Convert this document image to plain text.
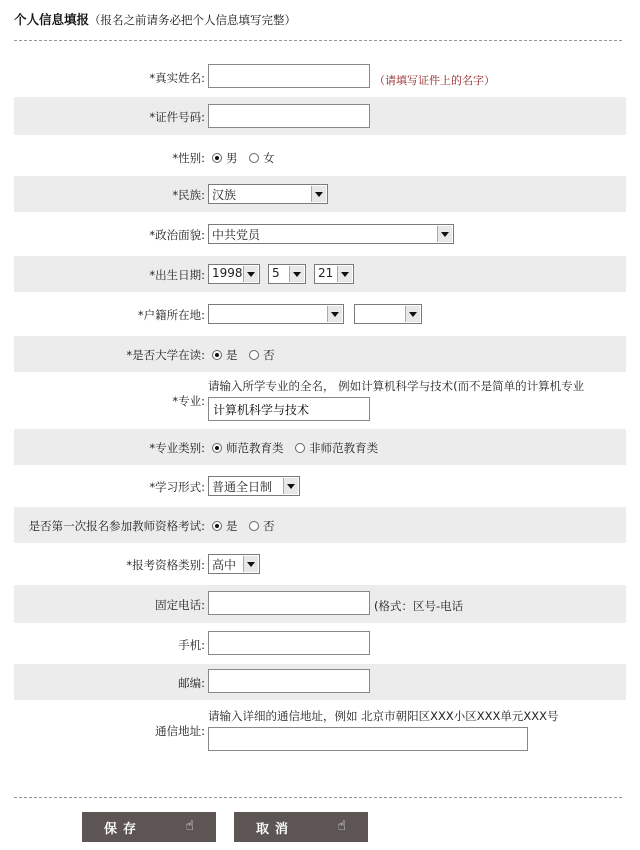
个人信息填报（报名之前请务必把个人信息填写完整）
*真实姓名:	（请填写证件上的名字）
*证件号码:
*性别:	男 女
*民族: 汉族
*政治面貌: 中共党员
*出生日期: 1998	5	21
*户籍所在地:
*是否大学在读:	是 否
*专业:
请输入所学专业的全名， 例如计算机科学与技术(而不是简单的计算机专业
计算机科学与技术
*专业类别:	师范教育类 非师范教育类
*学习形式: 普通全日制
是否第一次报名参加教师资格考试:	是 否
*报考资格类别: 高中
固定电话:	(格式：区号-电话
手机:
邮编:
通信地址:
请输入详细的通信地址，例如 北京市朝阳区XXX小区XXX单元XXX号
保存	☝	取消	☝
